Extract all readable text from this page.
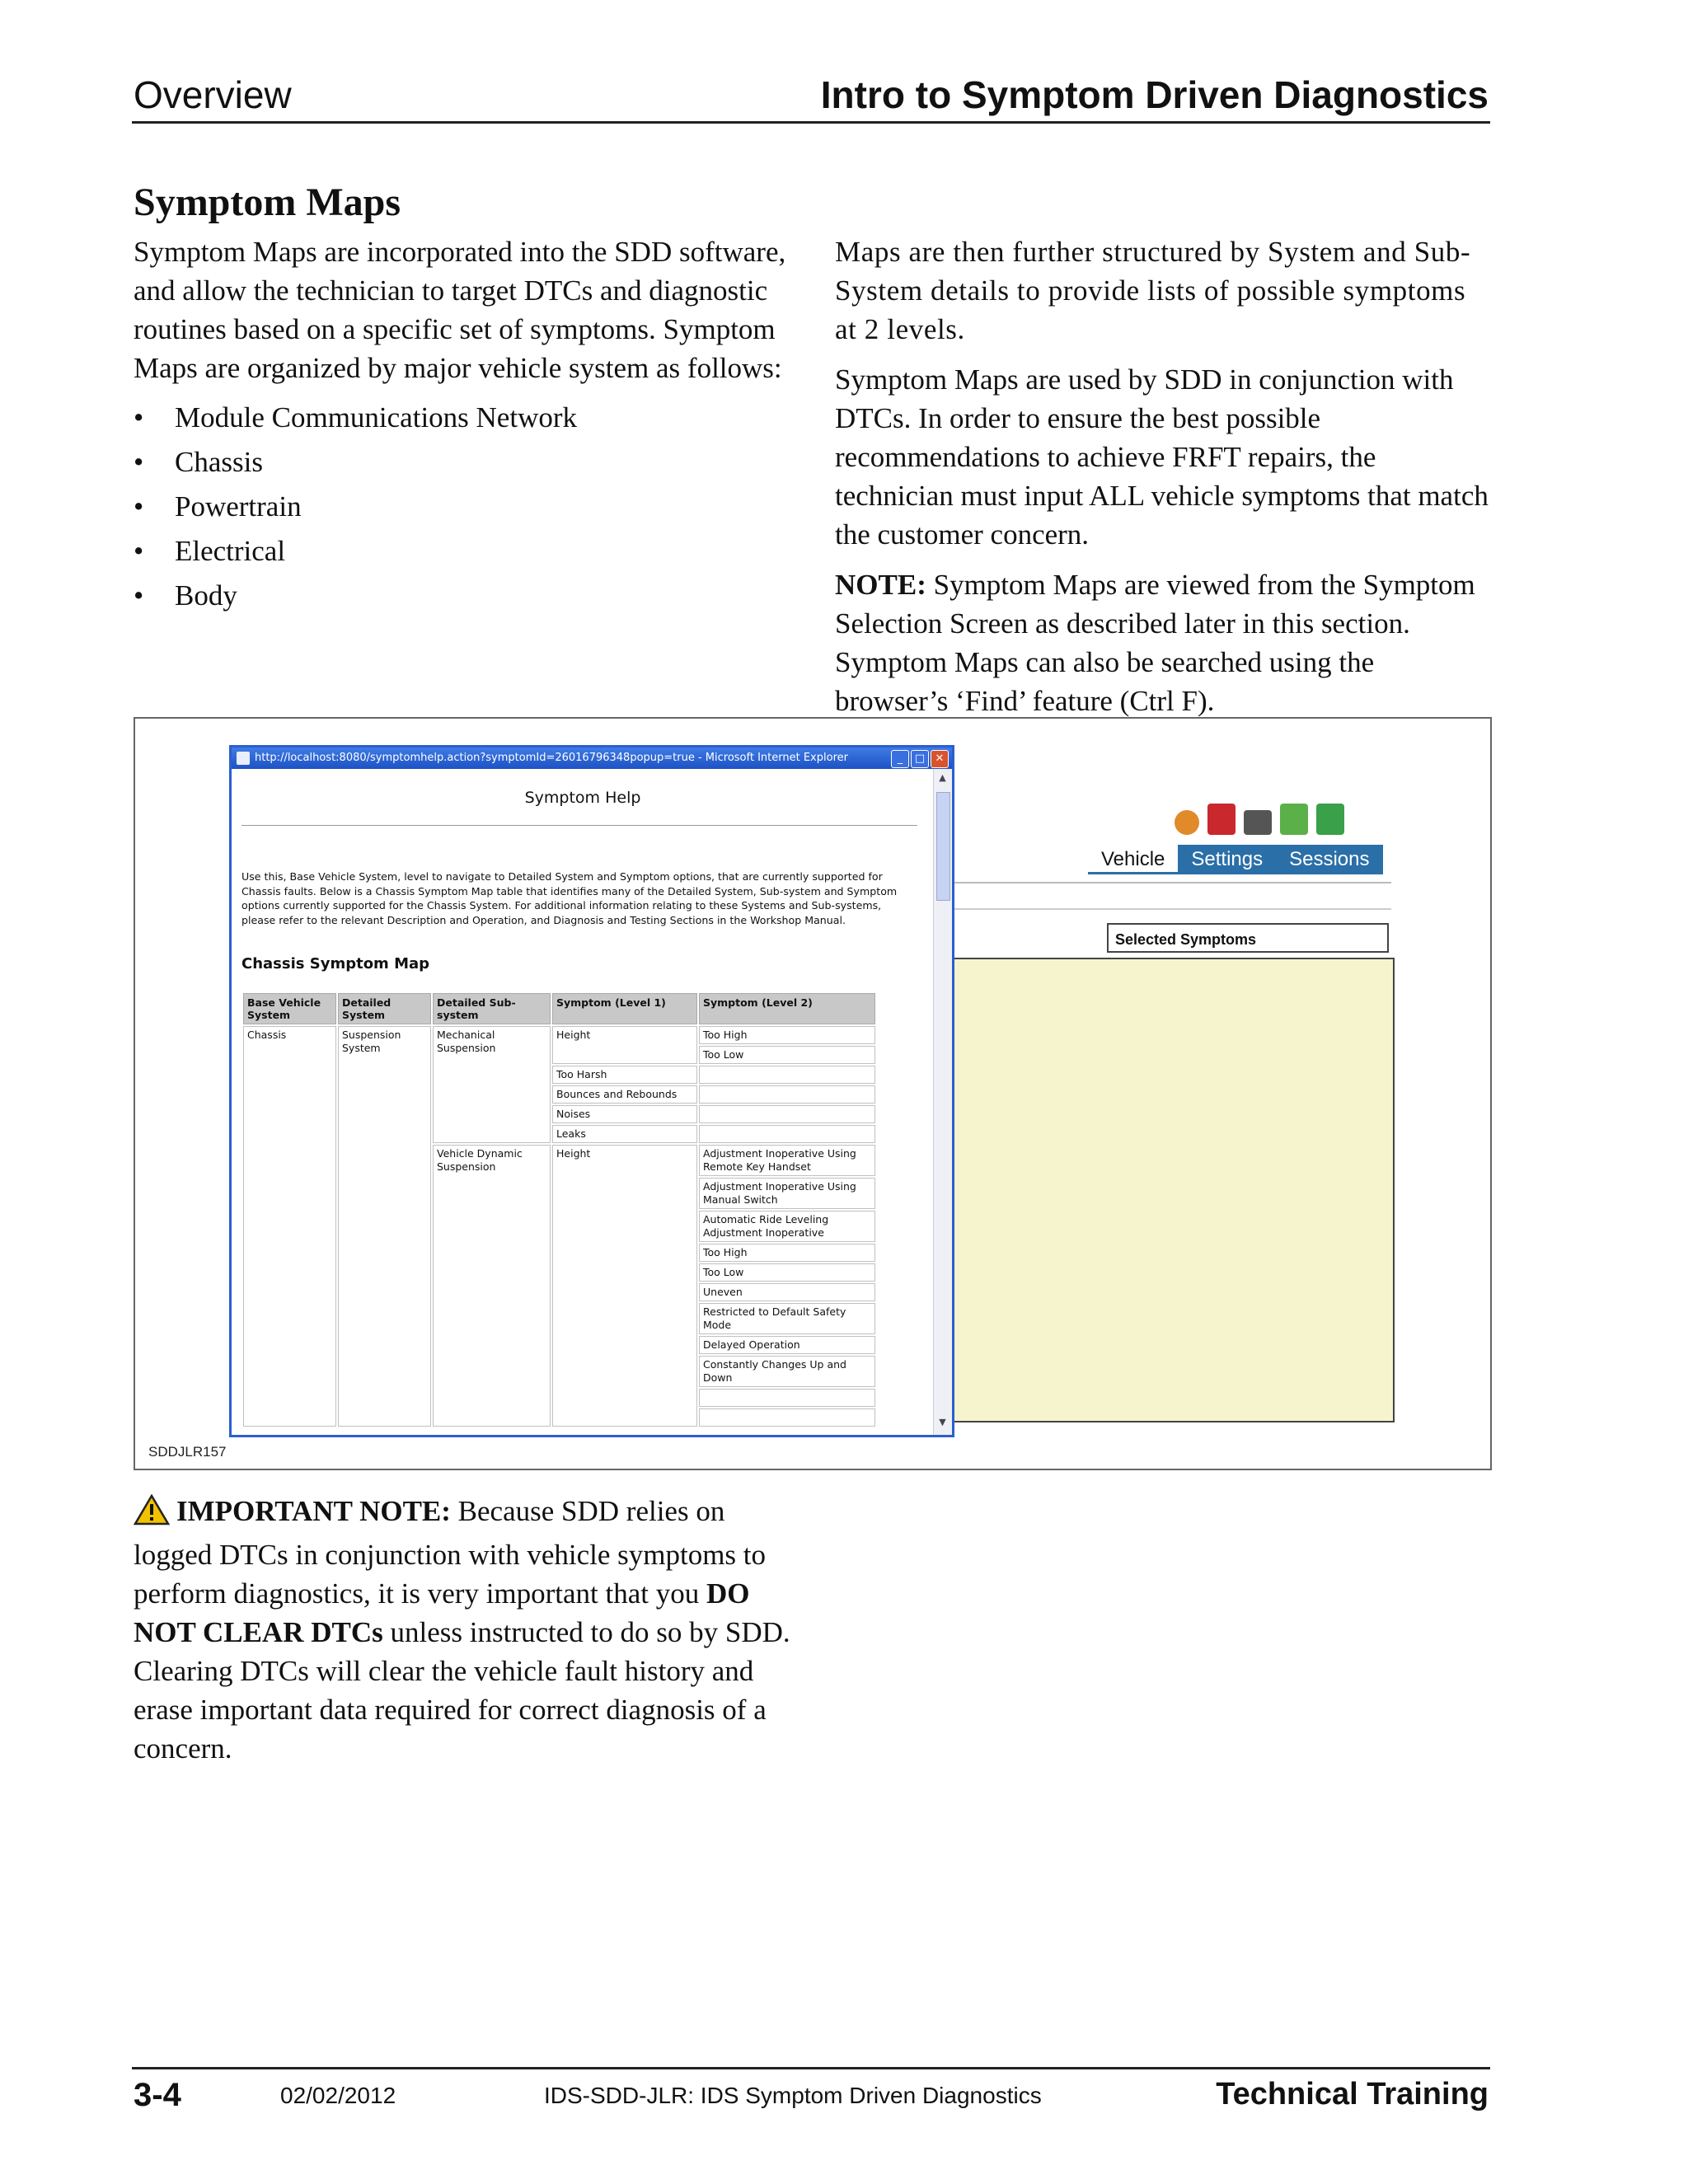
Overview	Intro to Symptom Driven Diagnostics
Symptom Maps

Symptom Maps are incorporated into the SDD software, and allow the technician to target DTCs and diagnostic routines based on a specific set of symptoms. Symptom Maps are organized by major vehicle system as follows:

• Module Communications Network
• Chassis
• Powertrain
• Electrical
• Body

Maps are then further structured by System and Sub-System details to provide lists of possible symptoms at 2 levels.

Symptom Maps are used by SDD in conjunction with DTCs. In order to ensure the best possible recommendations to achieve FRFT repairs, the technician must input ALL vehicle symptoms that match the customer concern.

NOTE: Symptom Maps are viewed from the Symptom Selection Screen as described later in this section. Symptom Maps can also be searched using the browser’s ‘Find’ feature (Ctrl F).

Vehicle	Settings	Sessions
Selected Symptoms
http://localhost:8080/symptomhelp.action?symptomId=26016796348popup=true - Microsoft Internet Explorer	_	□ ✕
Symptom Help
Use this, Base Vehicle System, level to navigate to Detailed System and Symptom options, that are currently supported for Chassis faults. Below is a Chassis Symptom Map table that identifies many of the Detailed System, Sub-system and Symptom options currently supported for the Chassis System. For additional information relating to these Systems and Sub-systems, please refer to the relevant Description and Operation, and Diagnosis and Testing Sections in the Workshop Manual.
Chassis Symptom Map
Base Vehicle System	Detailed System	Detailed Sub-system	Symptom (Level 1)	Symptom (Level 2)
Chassis	Suspension System	Mechanical Suspension	Height	Too High
				Too Low
			Too Harsh	
			Bounces and Rebounds	
			Noises	
			Leaks	
		Vehicle Dynamic Suspension	Height	Adjustment Inoperative Using Remote Key Handset
				Adjustment Inoperative Using Manual Switch
				Automatic Ride Leveling Adjustment Inoperative
				Too High
				Too Low
				Uneven
				Restricted to Default Safety Mode
				Delayed Operation
				Constantly Changes Up and Down

▲
▼
SDDJLR157
IMPORTANT NOTE: Because SDD relies on logged DTCs in conjunction with vehicle symptoms to perform diagnostics, it is very important that you DO NOT CLEAR DTCs unless instructed to do so by SDD. Clearing DTCs will clear the vehicle fault history and erase important data required for correct diagnosis of a concern.
3-4	02/02/2012	IDS-SDD-JLR: IDS Symptom Driven Diagnostics	Technical Training
